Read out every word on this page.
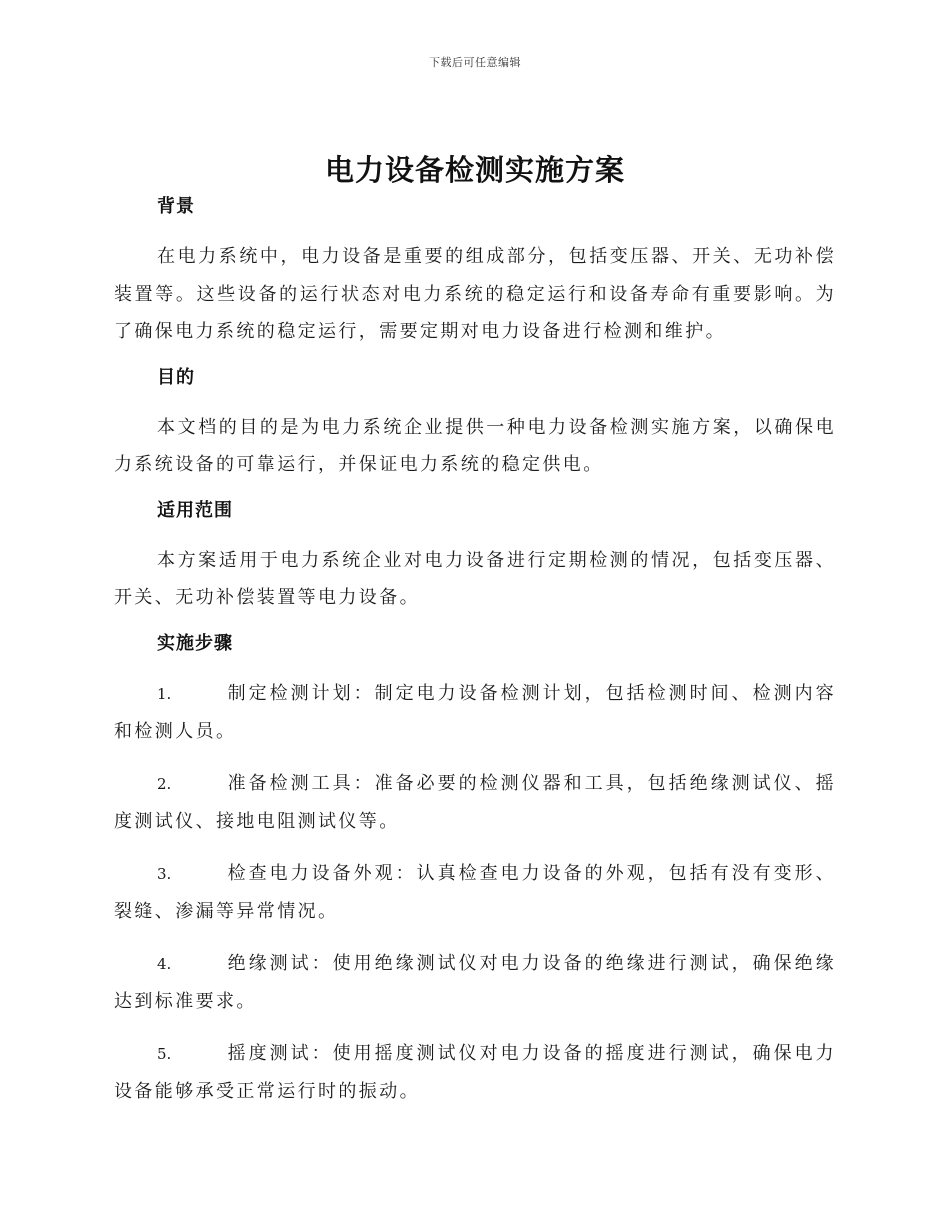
下载后可任意编辑
电力设备检测实施方案
背景

在电力系统中，电力设备是重要的组成部分，包括变压器、开关、无功补偿装置等。这些设备的运行状态对电力系统的稳定运行和设备寿命有重要影响。为了确保电力系统的稳定运行，需要定期对电力设备进行检测和维护。

目的

本文档的目的是为电力系统企业提供一种电力设备检测实施方案，以确保电力系统设备的可靠运行，并保证电力系统的稳定供电。

适用范围

本方案适用于电力系统企业对电力设备进行定期检测的情况，包括变压器、开关、无功补偿装置等电力设备。

实施步骤

1.	制定检测计划：制定电力设备检测计划，包括检测时间、检测内容和检测人员。

2.	准备检测工具：准备必要的检测仪器和工具，包括绝缘测试仪、摇度测试仪、接地电阻测试仪等。

3.	检查电力设备外观：认真检查电力设备的外观，包括有没有变形、裂缝、渗漏等异常情况。

4.	绝缘测试：使用绝缘测试仪对电力设备的绝缘进行测试，确保绝缘达到标准要求。

5.	摇度测试：使用摇度测试仪对电力设备的摇度进行测试，确保电力设备能够承受正常运行时的振动。
